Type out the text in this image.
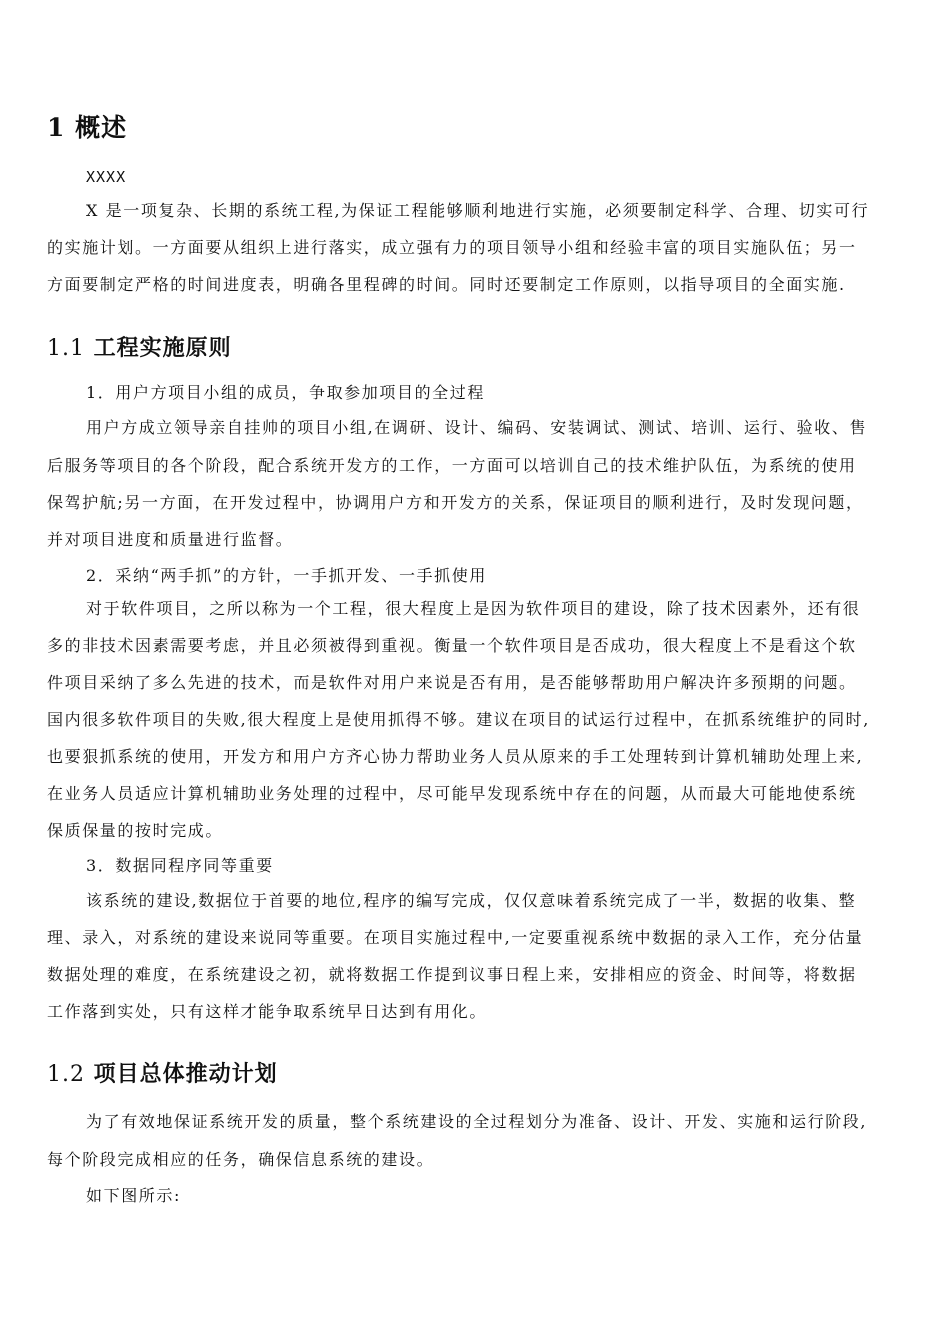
1 概述
XXXX
X 是一项复杂、长期的系统工程,为保证工程能够顺利地进行实施，必须要制定科学、合理、切实可行
的实施计划。一方面要从组织上进行落实，成立强有力的项目领导小组和经验丰富的项目实施队伍；另一
方面要制定严格的时间进度表，明确各里程碑的时间。同时还要制定工作原则，以指导项目的全面实施.
1.1 工程实施原则
1．用户方项目小组的成员，争取参加项目的全过程
用户方成立领导亲自挂帅的项目小组,在调研、设计、编码、安装调试、测试、培训、运行、验收、售
后服务等项目的各个阶段，配合系统开发方的工作，一方面可以培训自己的技术维护队伍，为系统的使用
保驾护航;另一方面，在开发过程中，协调用户方和开发方的关系，保证项目的顺利进行，及时发现问题，
并对项目进度和质量进行监督。
2．采纳“两手抓”的方针，一手抓开发、一手抓使用
对于软件项目，之所以称为一个工程，很大程度上是因为软件项目的建设，除了技术因素外，还有很
多的非技术因素需要考虑，并且必须被得到重视。衡量一个软件项目是否成功，很大程度上不是看这个软
件项目采纳了多么先进的技术，而是软件对用户来说是否有用，是否能够帮助用户解决许多预期的问题。
国内很多软件项目的失败,很大程度上是使用抓得不够。建议在项目的试运行过程中，在抓系统维护的同时,
也要狠抓系统的使用，开发方和用户方齐心协力帮助业务人员从原来的手工处理转到计算机辅助处理上来,
在业务人员适应计算机辅助业务处理的过程中，尽可能早发现系统中存在的问题，从而最大可能地使系统
保质保量的按时完成。
3．数据同程序同等重要
该系统的建设,数据位于首要的地位,程序的编写完成，仅仅意味着系统完成了一半，数据的收集、整
理、录入，对系统的建设来说同等重要。在项目实施过程中,一定要重视系统中数据的录入工作，充分估量
数据处理的难度，在系统建设之初，就将数据工作提到议事日程上来，安排相应的资金、时间等，将数据
工作落到实处，只有这样才能争取系统早日达到有用化。
1.2 项目总体推动计划
为了有效地保证系统开发的质量，整个系统建设的全过程划分为准备、设计、开发、实施和运行阶段,
每个阶段完成相应的任务，确保信息系统的建设。
如下图所示:
